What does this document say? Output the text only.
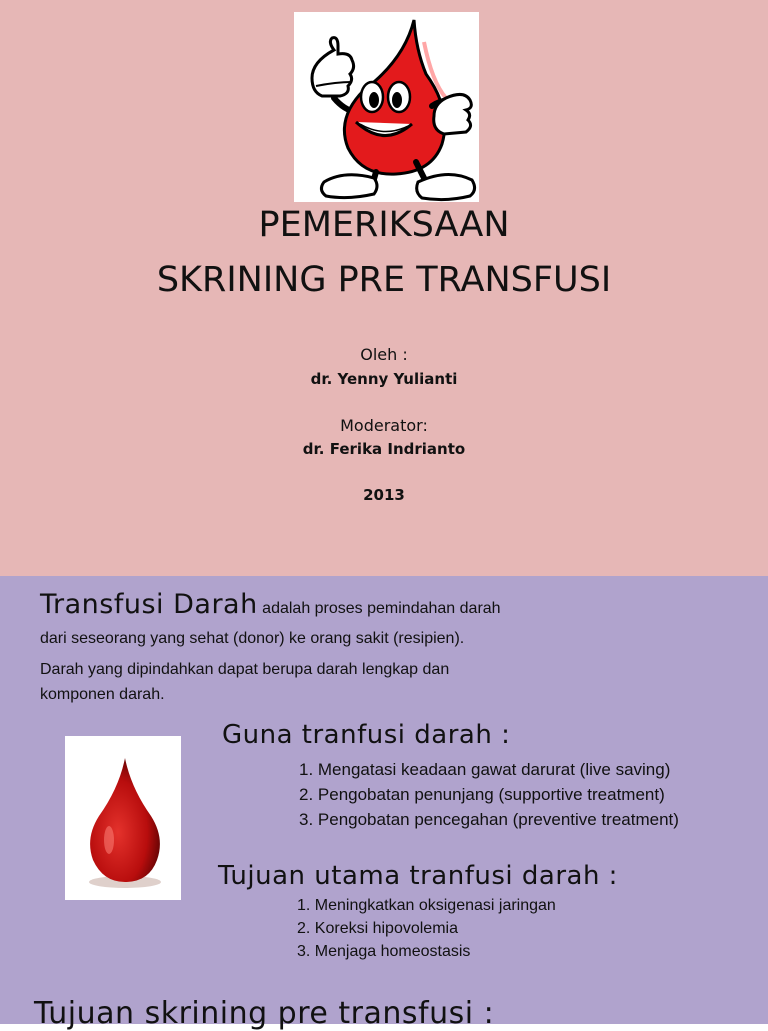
PEMERIKSAAN
SKRINING PRE TRANSFUSI
Oleh :
dr. Yenny Yulianti
Moderator:
dr. Ferika Indrianto
2013
Transfusi Darah adalah proses pemindahan darah
dari seseorang yang sehat (donor) ke orang sakit (resipien).
Darah yang dipindahkan dapat berupa darah lengkap dan
komponen darah.
Guna tranfusi darah :
1. Mengatasi keadaan gawat darurat (live saving)
2. Pengobatan penunjang (supportive treatment)
3. Pengobatan pencegahan (preventive treatment)
Tujuan utama tranfusi darah :
1. Meningkatkan oksigenasi jaringan
2. Koreksi hipovolemia
3. Menjaga homeostasis
Tujuan skrining pre transfusi :
